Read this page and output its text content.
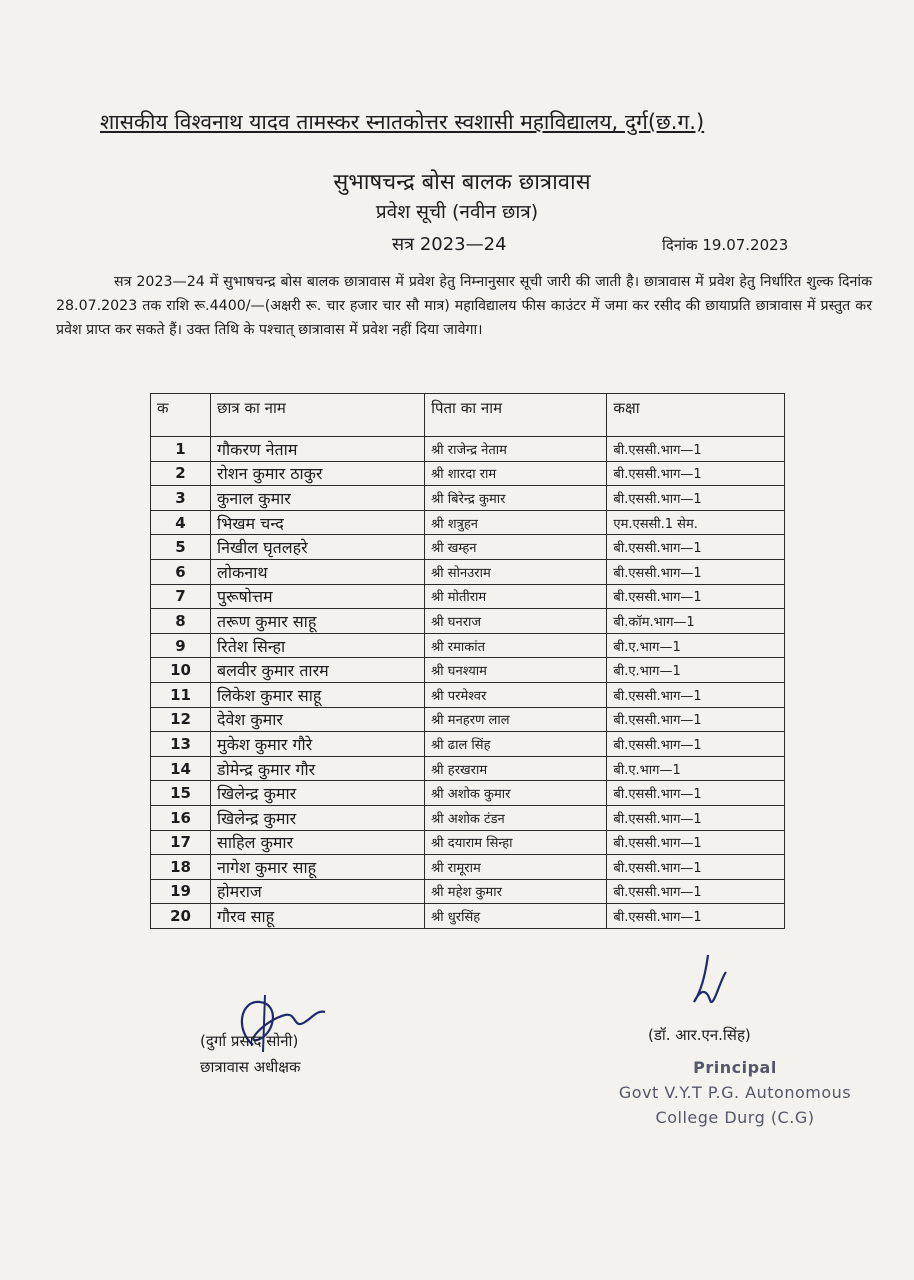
शासकीय विश्वनाथ यादव तामस्कर स्नातकोत्तर स्वशासी महाविद्यालय, दुर्ग(छ.ग.)
सुभाषचन्द्र बोस बालक छात्रावास
प्रवेश सूची (नवीन छात्र)
सत्र 2023—24	दिनांक 19.07.2023
सत्र 2023—24 में सुभाषचन्द्र बोस बालक छात्रावास में प्रवेश हेतु निम्नानुसार सूची जारी की जाती है। छात्रावास में प्रवेश हेतु निर्धारित शुल्क दिनांक 28.07.2023 तक राशि रू.4400/—(अक्षरी रू. चार हजार चार सौ मात्र) महाविद्यालय फीस काउंटर में जमा कर रसीद की छायाप्रति छात्रावास में प्रस्तुत कर प्रवेश प्राप्त कर सकते हैं। उक्त तिथि के पश्चात् छात्रावास में प्रवेश नहीं दिया जावेगा।
क	छात्र का नाम	पिता का नाम	कक्षा
1	गौकरण नेताम	श्री राजेन्द्र नेताम	बी.एससी.भाग—1
2	रोशन कुमार ठाकुर	श्री शारदा राम	बी.एससी.भाग—1
3	कुनाल कुमार	श्री बिरेन्द्र कुमार	बी.एससी.भाग—1
4	भिखम चन्द	श्री शत्रुहन	एम.एससी.1 सेम.
5	निखील घृतलहरे	श्री खम्हन	बी.एससी.भाग—1
6	लोकनाथ	श्री सोनउराम	बी.एससी.भाग—1
7	पुरूषोत्तम	श्री मोतीराम	बी.एससी.भाग—1
8	तरूण कुमार साहू	श्री घनराज	बी.कॉम.भाग—1
9	रितेश सिन्हा	श्री रमाकांत	बी.ए.भाग—1
10	बलवीर कुमार तारम	श्री घनश्याम	बी.ए.भाग—1
11	लिकेश कुमार साहू	श्री परमेश्वर	बी.एससी.भाग—1
12	देवेश कुमार	श्री मनहरण लाल	बी.एससी.भाग—1
13	मुकेश कुमार गौरे	श्री ढाल सिंह	बी.एससी.भाग—1
14	डोमेन्द्र कुमार गौर	श्री हरखराम	बी.ए.भाग—1
15	खिलेन्द्र कुमार	श्री अशोक कुमार	बी.एससी.भाग—1
16	खिलेन्द्र कुमार	श्री अशोक टंडन	बी.एससी.भाग—1
17	साहिल कुमार	श्री दयाराम सिन्हा	बी.एससी.भाग—1
18	नागेश कुमार साहू	श्री रामूराम	बी.एससी.भाग—1
19	होमराज	श्री महेश कुमार	बी.एससी.भाग—1
20	गौरव साहू	श्री धुरसिंह	बी.एससी.भाग—1
(दुर्गा प्रसाद सोनी)
छात्रावास अधीक्षक
(डॉ. आर.एन.सिंह)
Principal
Govt V.Y.T P.G. Autonomous
College Durg (C.G)
